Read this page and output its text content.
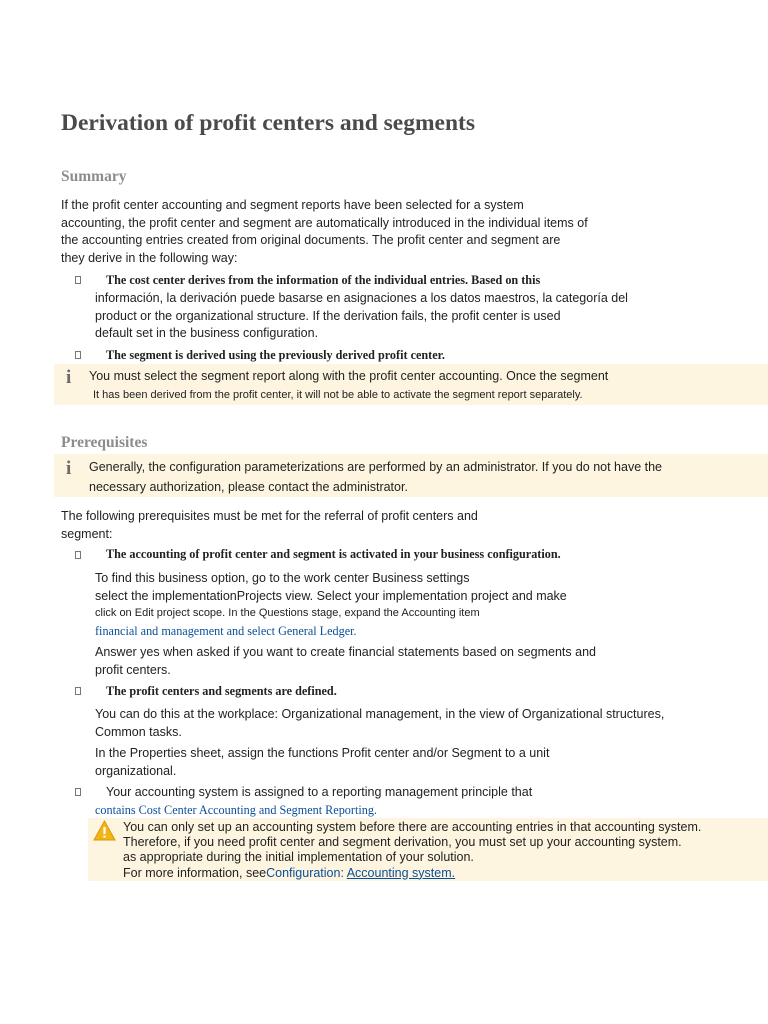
Derivation of profit centers and segments
Summary
If the profit center accounting and segment reports have been selected for a system
accounting, the profit center and segment are automatically introduced in the individual items of
the accounting entries created from original documents. The profit center and segment are
they derive in the following way:
The cost center derives from the information of the individual entries. Based on this
información, la derivación puede basarse en asignaciones a los datos maestros, la categoría del
product or the organizational structure. If the derivation fails, the profit center is used
default set in the business configuration.
The segment is derived using the previously derived profit center.
i You must select the segment report along with the profit center accounting. Once the segment
It has been derived from the profit center, it will not be able to activate the segment report separately.
Prerequisites
i Generally, the configuration parameterizations are performed by an administrator. If you do not have the
necessary authorization, please contact the administrator.
The following prerequisites must be met for the referral of profit centers and
segment:
The accounting of profit center and segment is activated in your business configuration.
To find this business option, go to the work center Business settings
select the implementationProjects view. Select your implementation project and make
click on Edit project scope. In the Questions stage, expand the Accounting item
financial and management and select General Ledger.
Answer yes when asked if you want to create financial statements based on segments and
profit centers.
The profit centers and segments are defined.
You can do this at the workplace: Organizational management, in the view of Organizational structures,
Common tasks.
In the Properties sheet, assign the functions Profit center and/or Segment to a unit
organizational.
Your accounting system is assigned to a reporting management principle that
contains Cost Center Accounting and Segment Reporting.
You can only set up an accounting system before there are accounting entries in that accounting system.
Therefore, if you need profit center and segment derivation, you must set up your accounting system.
as appropriate during the initial implementation of your solution.
For more information, seeConfiguration: Accounting system.
